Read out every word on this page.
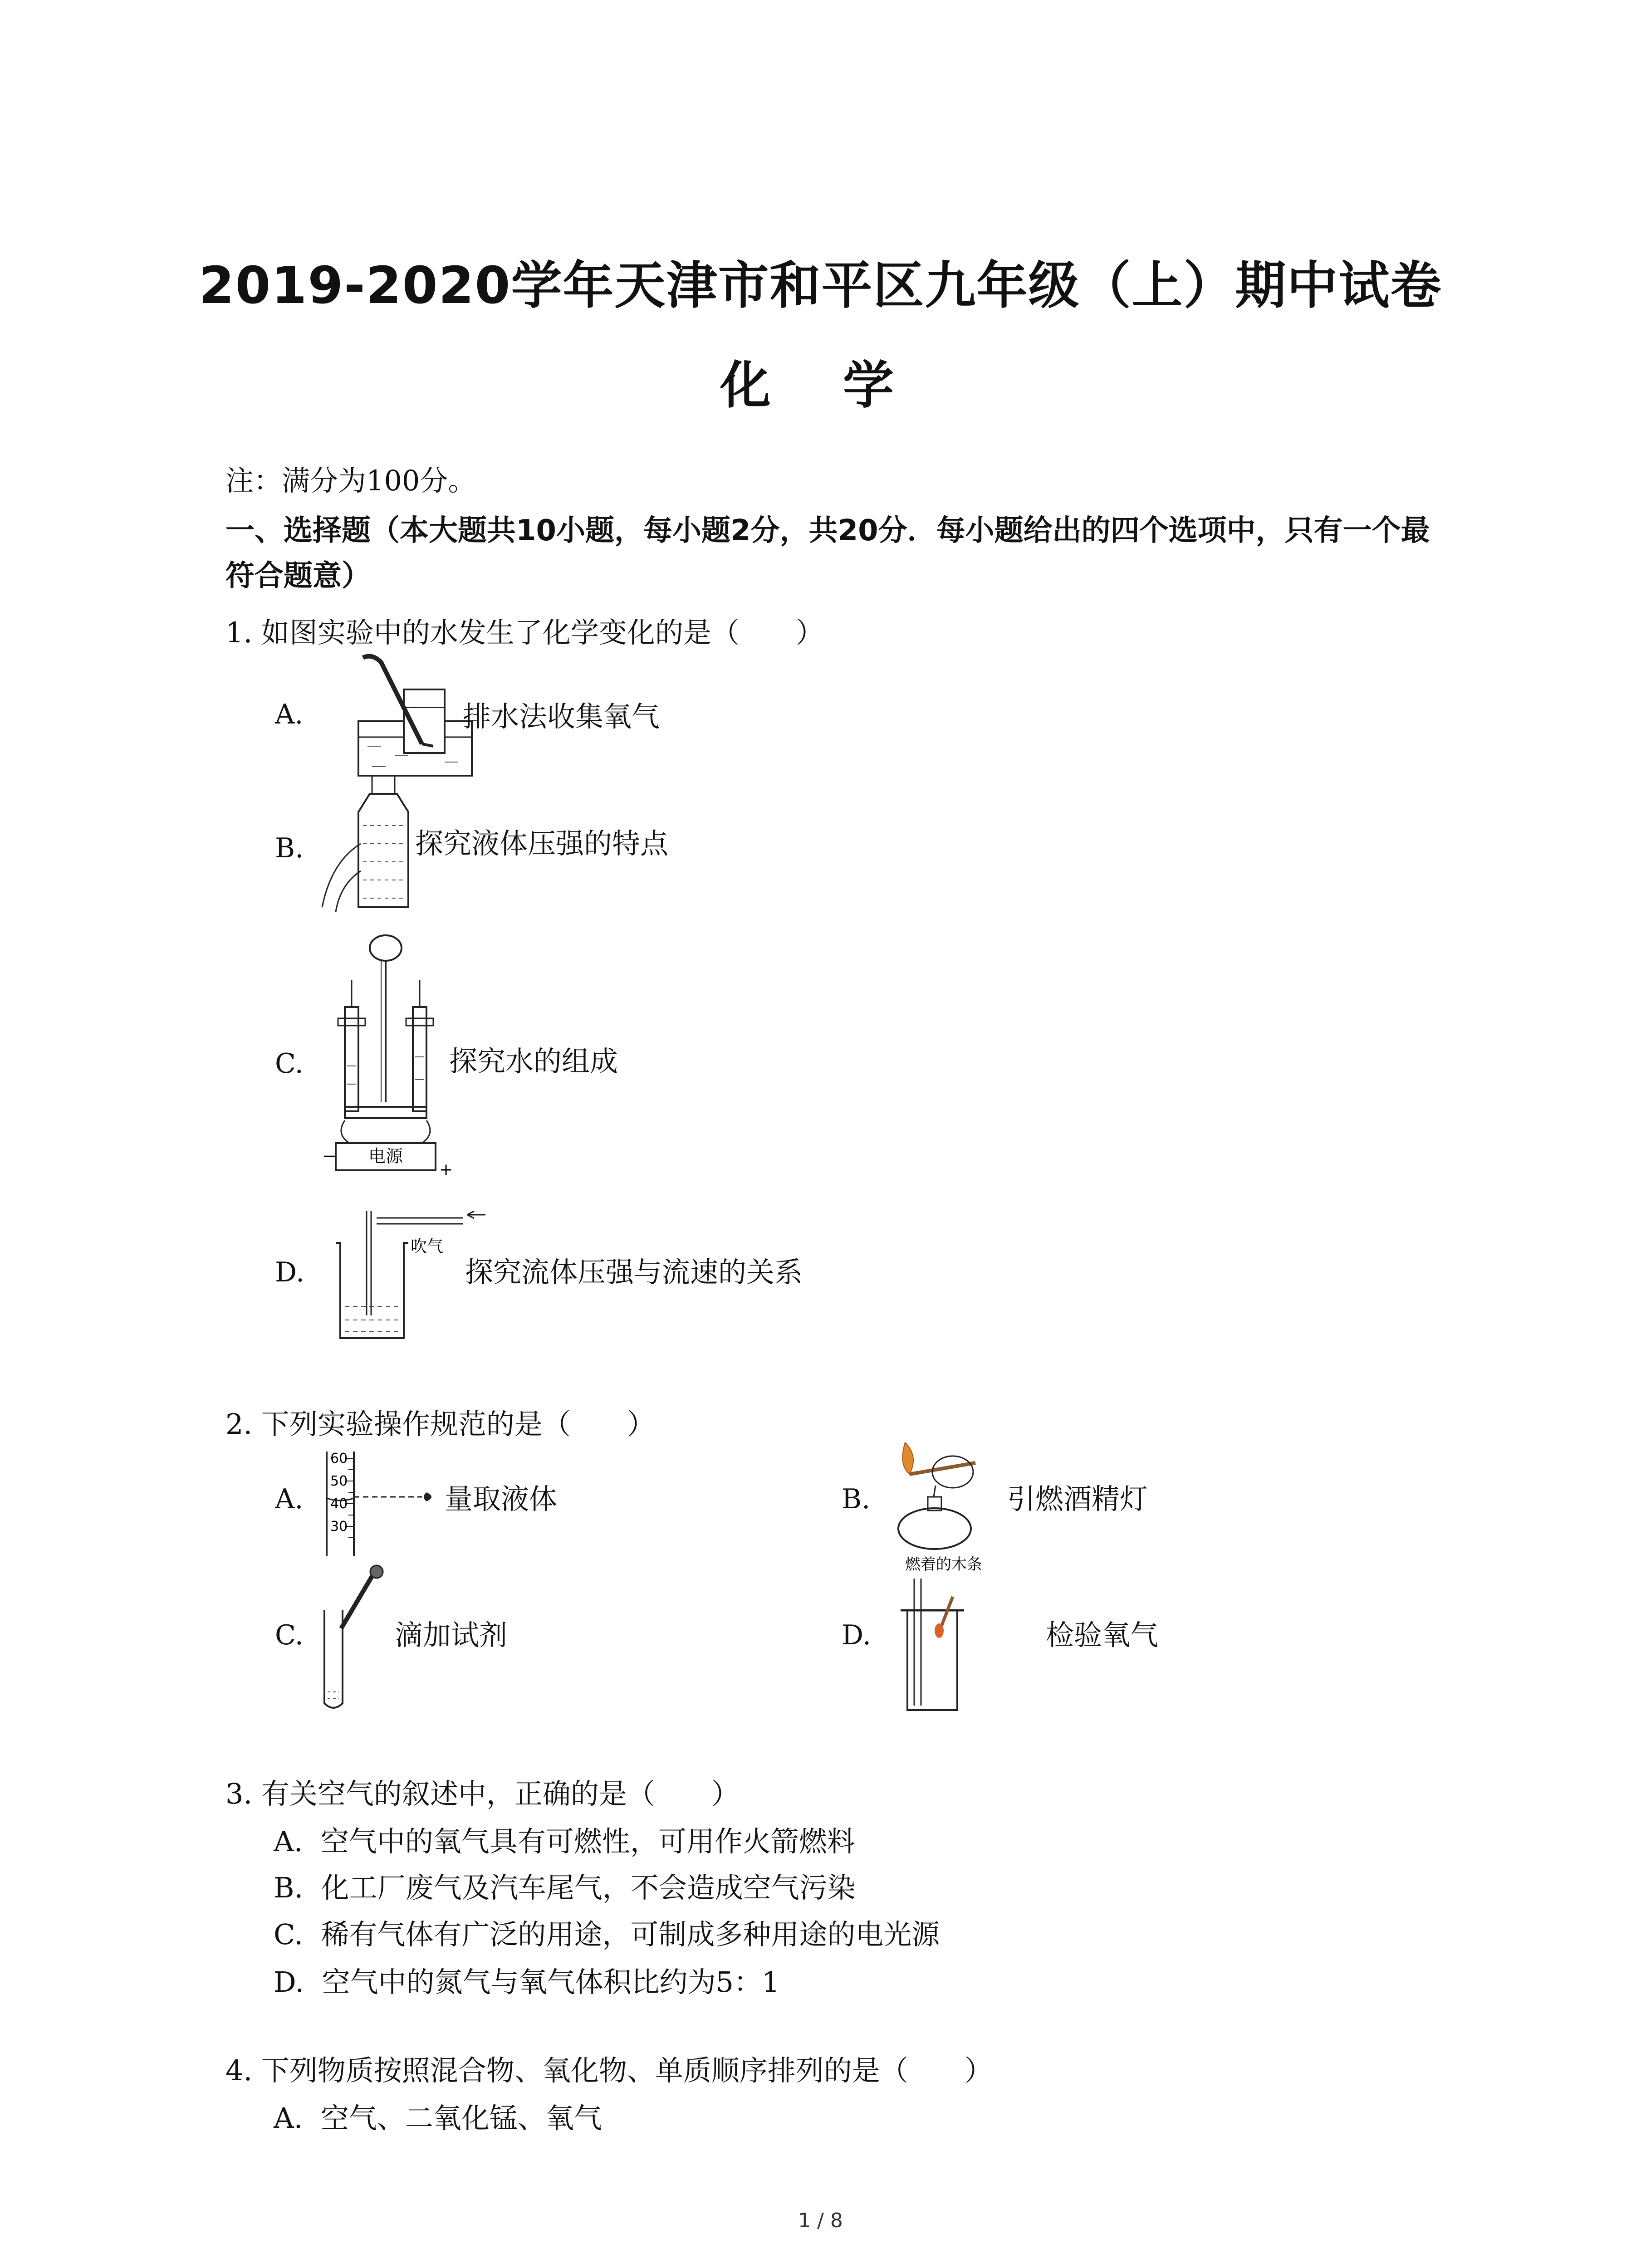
2019-2020学年天津市和平区九年级（上）期中试卷
化 学
注：满分为100分。
一、选择题（本大题共10小题，每小题2分，共20分．每小题给出的四个选项中，只有一个最符合题意）
1. 如图实验中的水发生了化学变化的是（　　）
A.	排水法收集氧气
B.	探究液体压强的特点
C.
电源
−
+
探究水的组成
D.
吹气
探究流体压强与流速的关系
2. 下列实验操作规范的是（　　）
A.
60
50
40
30
量取液体	B.
燃着的木条
引燃酒精灯
C.	滴加试剂	D.	检验氧气
3. 有关空气的叙述中，正确的是（　　）
A. 空气中的氧气具有可燃性，可用作火箭燃料
B. 化工厂废气及汽车尾气，不会造成空气污染
C. 稀有气体有广泛的用途，可制成多种用途的电光源
D. 空气中的氮气与氧气体积比约为5：1
4. 下列物质按照混合物、氧化物、单质顺序排列的是（　　）
A. 空气、二氧化锰、氧气
1 / 8
